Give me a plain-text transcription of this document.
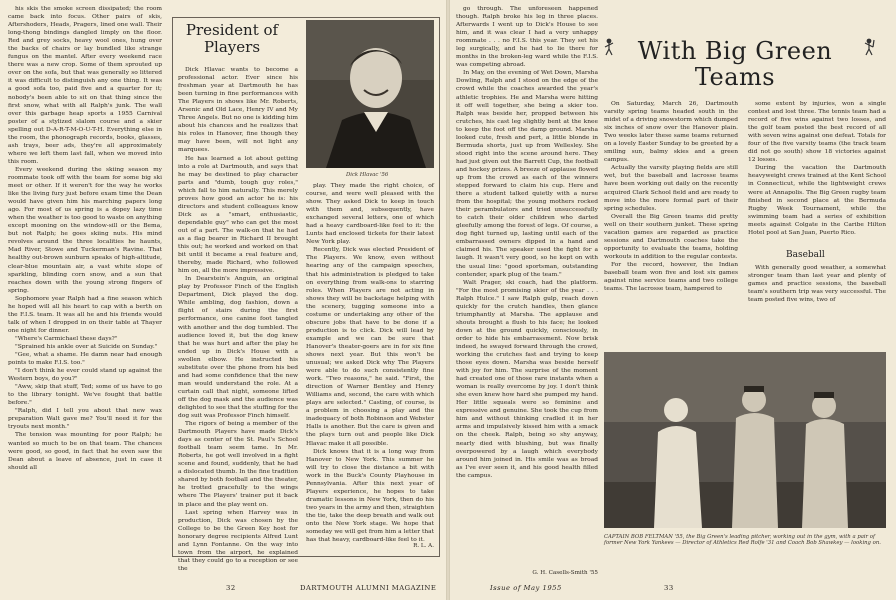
his skis the smoke screen dissipated; the room came back into focus. Other pairs of skis, Aftershoders, Heads, Pragers, lined one wall. Their long-thong bindings dangled limply on the floor. Red and grey socks, heavy wool ones, hung over the backs of chairs or lay bundled like strange fungus on the mantel. After every weekend race there was a new crop. Some of them sprouted up over on the sofa, but that was generally so littered it was difficult to distinguish any one thing. It was a good sofa too, paid five and a quarter for it; nobody's been able to sit on that thing since the first snow, what with all Ralph's junk. The wall over this garbage heap sports a 1955 Carnival poster of a stylized slalom course and a skier spelling out D-A-R-T-M-O-U-T-H. Everything else in the room, the phonograph records, books, glasses, ash trays, beer ads, they're all approximately where we left them last fall, when we moved into this room.

Every weekend during the skiing season my roommate took off with the team for some big ski meet or other. If it weren't for the way he works like the living fury just before exam time the Dean would have given him his marching papers long ago. For most of us spring is a dopey lazy time when the weather is too good to waste on anything except mooning on the window-sill or the Bema, but not Ralph; he goes skiing nuts. His mind revolves around the three localities he haunts, Mad River, Stowe and Tuckerman's Ravine. That healthy out-brown sunburn speaks of high-altitude, clear-blue mountain air, a vast white slope of sparkling, blinding corn snow, and a sun that reaches down with the young strong fingers of spring.

Sophomore year Ralph had a fine season which he hoped will all his heart to cap with a berth on the F.I.S. team. It was all he and his friends would talk of when I dropped in on their table at Thayer one night for dinner.

"Where's Carmichael these days?"

"Sprained his ankle over at Suicide on Sunday."

"Gee, what a shame. He damn near had enough points to make F.I.S. too."

"I don't think he ever could stand up against the Western boys, do you?"

"Aww, skip that stuff, Ted; some of us have to go to the library tonight. We've fought that battle before."

"Ralph, did I tell you about that new wax preparation Walt gave me? You'll need it for the tryouts next month."

The tension was mounting for poor Ralph; he wanted so much to be on that team. The chances were good, so good, in fact that he even saw the Dean about a leave of absence, just in case it should all

President of Players

Dick Hlavac wants to become a professional actor. Ever since his freshman year at Dartmouth he has been turning in fine performances with The Players in shows like Mr. Roberts, Arsenic and Old Lace, Henry IV and My Three Angels. But no one is kidding him about his chances and he realizes that his roles in Hanover, fine though they may have been, will not light any marquees.

He has learned a lot about getting into a role at Dartmouth, and says that he may be destined to play character parts and "dumb, tough guy roles," which fall to him naturally. This merely proves how good an actor he is: his directors and student colleagues know Dick as a "smart, enthusiastic, dependable guy" who can get the most out of a part. The walk-on that he had as a flag bearer in Richard II brought this out; he worked and worked on that bit until it became a real feature and, thereby, made Richard, who followed him on, all the more impressive.

In Dearstein's Anguin, an original play by Professor Finch of the English Department, Dick played the dog. While ambling, dog fashion, down a flight of stairs during the first performance, one canine foot tangled with another and the dog tumbled. The audience loved it, but the dog knew that he was hurt and after the play he ended up in Dick's House with a swollen elbow. He instructed his substitute over the phone from his bed and had some confidence that the new man would understand the role. At a curtain call that night, someone lifted off the dog mask and the audience was delighted to see that the stuffing for the dog suit was Professor Finch himself.

The rigors of being a member of the Dartmouth Players have made Dick's days as center of the St. Paul's School football team seem tame. In Mr. Roberts, he got well involved in a fight scene and found, suddenly, that he had a dislocated thumb. In the fine tradition shared by both football and the theater, he trotted gracefully to the wings where The Players' trainer put it back in place and the play went on.

Last spring when Harvey was in production, Dick was chosen by the College to be the Green Key host for honorary degree recipients Alfred Lunt and Lynn Fontanne. On the way into town from the airport, he explained that they could go to a reception or see the

Dick Hlavac '56

play. They made the right choice, of course, and were well pleased with the show. They asked Dick to keep in touch with them and, subsequently, have exchanged several letters, one of which had a heavy cardboard-like feel to it: the Lunts had enclosed tickets for their latest New York play.

Recently, Dick was elected President of The Players. We know, even without hearing any of the campaign speeches, that his administration is pledged to take on everything from walk-ons to starring roles. When Players are not acting in shows they will be backstage helping with the scenery, tugging someone into a costume or undertaking any other of the obscure jobs that have to be done if a production is to click. Dick will lead by example and we can be sure that Hanover's theater-goers are in for six fine shows next year. But this won't be unusual; we asked Dick why The Players were able to do such consistently fine work. "Two reasons," he said. "First, the direction of Warner Bentley and Henry Williams and, second, the care with which plays are selected." Casting, of course, is a problem in choosing a play and the inadequacy of both Robinson and Webster Halls is another. But the care is given and the plays turn out and people like Dick Hlavac make it all possible.

Dick knows that it is a long way from Hanover to New York. This summer he will try to close the distance a bit with work in the Buck's County Playhouse in Pennsylvania. After this next year of Players experience, he hopes to take dramatic lessons in New York, then do his two years in the army and then, straighten the tie, take the deep breath and walk out onto the New York stage. We hope that someday we will get from him a letter that has that heavy, cardboard-like feel to it.

R. L. A.
32	DARTMOUTH ALUMNI MAGAZINE

go through. The unforeseen happened though. Ralph broke his leg in three places. Afterwards I went up to Dick's House to see him, and it was clear I had a very unhappy roommate . . . no F.I.S. this year. They set his leg surgically, and he had to lie there for months in the broken-leg ward while the F.I.S. was competing abroad.

In May, on the evening of Wet Down, Marsha Dowling, Ralph and I stood on the edge of the crowd while the coaches awarded the year's athletic trophies. He and Marsha were hitting it off well together, she being a skier too. Ralph was beside her, propped between his crutches, his cast leg slightly bent at the knee to keep the foot off the damp ground. Marsha looked cute, fresh and pert, a little blonde in Bermuda shorts, just up from Wellesley. She stood right into the scene around here. They had just given out the Barrett Cup, the football and hockey prizes. A breeze of applause flowed up from the crowd as each of the winners stepped forward to claim his cup. Here and there a student talked quietly with a nurse from the hospital; the young mothers rocked their perambulators and tried unsuccessfully to catch their older children who darted gleefully among the forest of legs. Of course, a dog fight turned up, lasting until each of the embarrassed owners dipped in a hand and claimed his. The speaker used the fight for a laugh. It wasn't very good, so he kept on with the usual line: "good sportsman, outstanding contender, spark plug of the team."

Walt Prager, ski coach, had the platform. "For the most promising skier of the year . . . Ralph Hulce." I saw Ralph gulp, reach down quickly for the crutch handles, then glance triumphantly at Marsha. The applause and shouts brought a flush to his face; he looked down at the ground quickly, consciously, in order to hide his embarrassment. Now brisk indeed, he swayed forward through the crowd, working the crutches fast and trying to keep those eyes down. Marsha was beside herself with joy for him. The surprise of the moment had created one of those rare instants when a woman is really overcome by joy. I don't think she even knew how hard she pumped my hand. Her little squeals were so feminine and expressive and genuine. She took the cup from him and without thinking cradled it in her arms and impulsively kissed him with a smack on the cheek. Ralph, being so shy anyway, nearly died with blushing, but was finally overpowered by a laugh which everybody around him joined in. His smile was as broad as I've ever seen it, and his good health filled the campus.

G. H. Casells-Smith '55
With Big Green Teams

On Saturday, March 26, Dartmouth varsity spring teams headed south in the midst of a driving snowstorm which dumped six inches of snow over the Hanover plain. Two weeks later these same teams returned on a lovely Easter Sunday to be greeted by a smiling sun, balmy skies and a green campus.

Actually the varsity playing fields are still wet, but the baseball and lacrosse teams have been working out daily on the recently acquired Clark School field and are ready to move into the more formal part of their spring schedules.

Overall the Big Green teams did pretty well on their southern junket. These spring vacation games are regarded as practice sessions and Dartmouth coaches take the opportunity to evaluate the teams, holding workouts in addition to the regular contests.

For the record, however, the Indian baseball team won five and lost six games against nine service teams and two college teams. The lacrosse team, hampered to

some extent by injuries, won a single contest and lost three. The tennis team had a record of five wins against two losses, and the golf team posted the best record of all with seven wins against one defeat. Totals for four of the five varsity teams (the track team did not go south) show 18 victories against 12 losses.

During the vacation the Dartmouth heavyweight crews trained at the Kent School in Connecticut, while the lightweight crews were at Annapolis. The Big Green rugby team finished in second place at the Bermuda Rugby Week Tournament, while the swimming team had a series of exhibition meets against Colgate in the Caribe Hilton Hotel pool at San Juan, Puerto Rico.

Baseball

With generally good weather, a somewhat stronger team than last year and plenty of games and practice sessions, the baseball team's southern trip was very successful. The team posted five wins, two of

CAPTAIN BOB FELTMAN '55, the Big Green's leading pitcher, working out in the gym, with a pair of former New York Yankees — Director of Athletics Red Rolfe '31 and Coach Bob Shawkey — looking on.
Issue of May 1955	33
